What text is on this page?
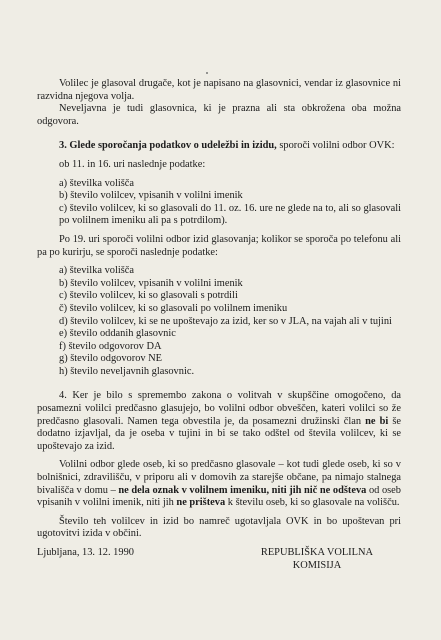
Volilec je glasoval drugače, kot je napisano na glasovnici, vendar iz glasovnice ni razvidna njegova volja.

Neveljavna je tudi glasovnica, ki je prazna ali sta obkrožena oba možna odgovora.

3. Glede sporočanja podatkov o udeležbi in izidu, sporoči volilni odbor OVK:

ob 11. in 16. uri naslednje podatke:

a) številka volišča
b) število volilcev, vpisanih v volilni imenik
c) število volilcev, ki so glasovali do 11. oz. 16. ure ne glede na to, ali so glasovali po volilnem imeniku ali pa s potrdilom).

Po 19. uri sporoči volilni odbor izid glasovanja; kolikor se sporoča po telefonu ali pa po kurirju, se sporoči naslednje podatke:

a) številka volišča
b) število volilcev, vpisanih v volilni imenik
c) število volilcev, ki so glasovali s potrdili
č) število volilcev, ki so glasovali po volilnem imeniku
d) število volilcev, ki se ne upoštevajo za izid, ker so v JLA, na vajah ali v tujini
e) število oddanih glasovnic
f) število odgovorov DA
g) število odgovorov NE
h) število neveljavnih glasovnic.

4. Ker je bilo s spremembo zakona o volitvah v skupščine omogočeno, da posamezni volilci predčasno glasujejo, bo volilni odbor obveščen, kateri volilci so že predčasno glasovali. Namen tega obvestila je, da posamezni družinski član ne bi še dodatno izjavljal, da je oseba v tujini in bi se tako odštel od števila volilcev, ki se upoštevajo za izid.

Volilni odbor glede oseb, ki so predčasno glasovale – kot tudi glede oseb, ki so v bolnišnici, zdravilišču, v priporu ali v domovih za starejše občane, pa nimajo stalnega bivališča v domu – ne dela oznak v volilnem imeniku, niti jih nič ne odšteva od oseb vpisanih v volilni imenik, niti jih ne prišteva k številu oseb, ki so glasovale na volišču.

Število teh volilcev in izid bo namreč ugotavljala OVK in bo upoštevan pri ugotovitvi izida v občini.

Ljubljana, 13. 12. 1990	REPUBLIŠKA VOLILNA
KOMISIJA
